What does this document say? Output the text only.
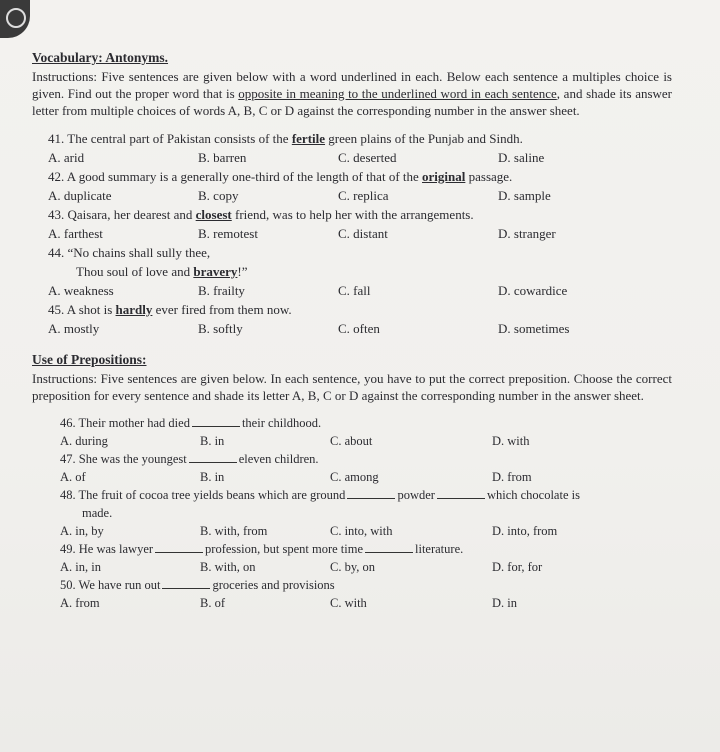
Vocabulary: Antonyms.

Instructions: Five sentences are given below with a word underlined in each. Below each sentence a multiples choice is given. Find out the proper word that is opposite in meaning to the underlined word in each sentence, and shade its answer letter from multiple choices of words A, B, C or D against the corresponding number in the answer sheet.

41. The central part of Pakistan consists of the fertile green plains of the Punjab and Sindh.
A. arid	B. barren	C. deserted	D. saline
42. A good summary is a generally one-third of the length of that of the original passage.
A. duplicate	B. copy	C. replica	D. sample
43. Qaisara, her dearest and closest friend, was to help her with the arrangements.
A. farthest	B. remotest	C. distant	D. stranger
44. “No chains shall sully thee,
Thou soul of love and bravery!”
A. weakness	B. frailty	C. fall	D. cowardice
45. A shot is hardly ever fired from them now.
A. mostly	B. softly	C. often	D. sometimes

Use of Prepositions:

Instructions: Five sentences are given below. In each sentence, you have to put the correct preposition. Choose the correct preposition for every sentence and shade its letter A, B, C or D against the corresponding number in the answer sheet.

46. Their mother had died	their childhood.
A. during	B. in	C. about	D. with
47. She was the youngest	eleven children.
A. of	B. in	C. among	D. from
48. The fruit of cocoa tree yields beans which are ground	powder	which chocolate is
made.
A. in, by	B. with, from	C. into, with	D. into, from
49. He was lawyer	profession, but spent more time	literature.
A. in, in	B. with, on	C. by, on	D. for, for
50. We have run out	groceries and provisions
A. from	B. of	C. with	D. in
